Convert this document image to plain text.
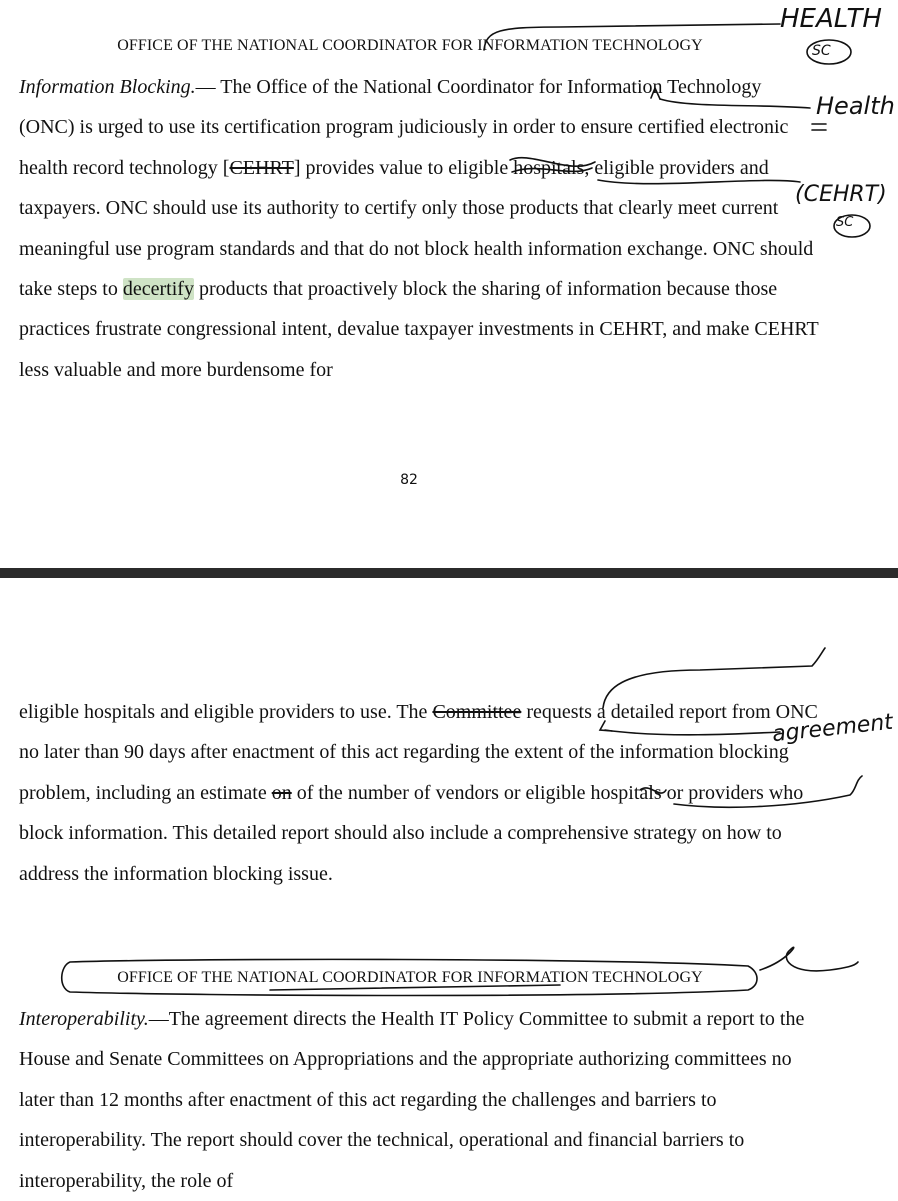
OFFICE OF THE NATIONAL COORDINATOR FOR INFORMATION TECHNOLOGY

Information Blocking.— The Office of the National Coordinator for Information Technology (ONC) is urged to use its certification program judiciously in order to ensure certified electronic health record technology [CEHRT] provides value to eligible hospitals, eligible providers and taxpayers. ONC should use its authority to certify only those products that clearly meet current meaningful use program standards and that do not block health information exchange. ONC should take steps to decertify products that proactively block the sharing of information because those practices frustrate congressional intent, devalue taxpayer investments in CEHRT, and make CEHRT less valuable and more burdensome for

82

eligible hospitals and eligible providers to use. The Committee requests a detailed report from ONC no later than 90 days after enactment of this act regarding the extent of the information blocking problem, including an estimate on of the number of vendors or eligible hospitals or providers who block information. This detailed report should also include a comprehensive strategy on how to address the information blocking issue.

OFFICE OF THE NATIONAL COORDINATOR FOR INFORMATION TECHNOLOGY

Interoperability.—The agreement directs the Health IT Policy Committee to submit a report to the House and Senate Committees on Appropriations and the appropriate authorizing committees no later than 12 months after enactment of this act regarding the challenges and barriers to interoperability. The report should cover the technical, operational and financial barriers to interoperability, the role of

HEALTH
SC
Health
(CEHRT)
SC
agreement
